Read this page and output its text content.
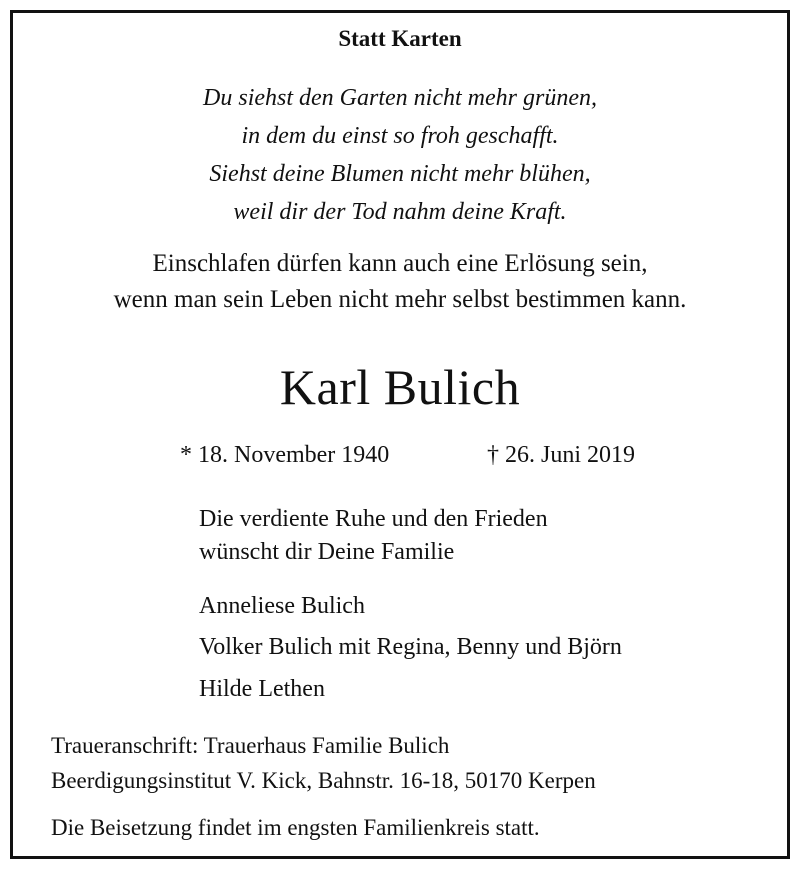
Statt Karten
Du siehst den Garten nicht mehr grünen,
in dem du einst so froh geschafft.
Siehst deine Blumen nicht mehr blühen,
weil dir der Tod nahm deine Kraft.
Einschlafen dürfen kann auch eine Erlösung sein,
wenn man sein Leben nicht mehr selbst bestimmen kann.
Karl Bulich
* 18. November 1940	† 26. Juni 2019
Die verdiente Ruhe und den Frieden
wünscht dir Deine Familie
Anneliese Bulich
Volker Bulich mit Regina, Benny und Björn
Hilde Lethen
Traueranschrift: Trauerhaus Familie Bulich
Beerdigungsinstitut V. Kick, Bahnstr. 16-18, 50170 Kerpen
Die Beisetzung findet im engsten Familienkreis statt.
